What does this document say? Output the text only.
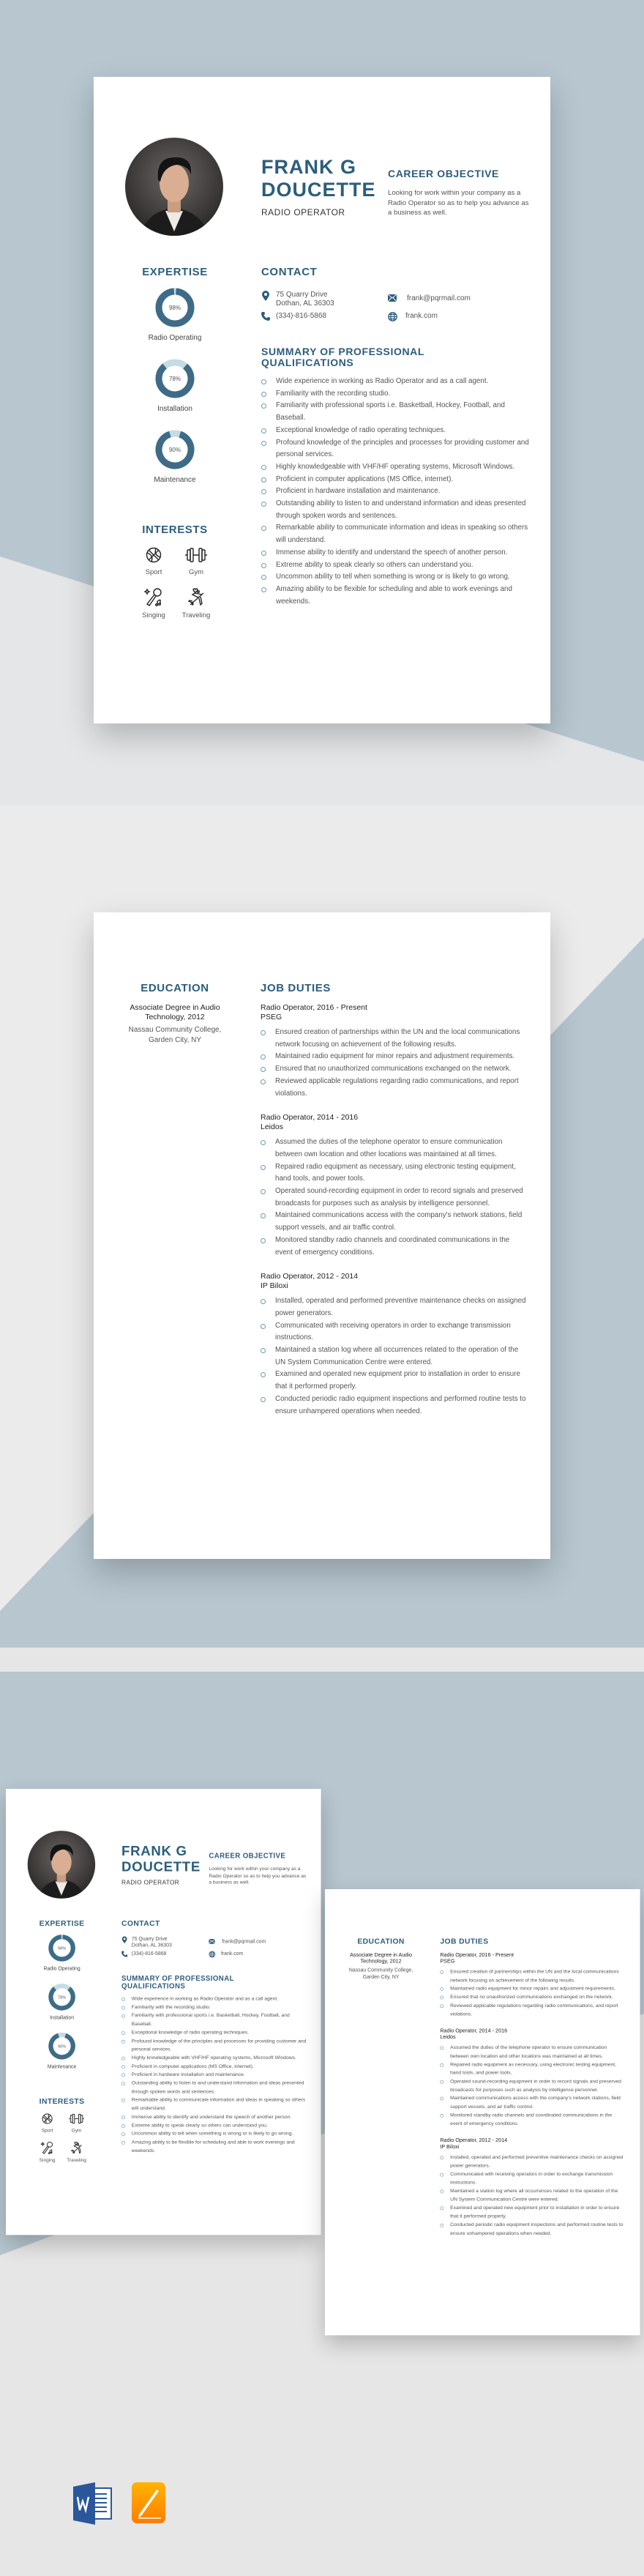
FRANK G
DOUCETTE
RADIO OPERATOR
CAREER OBJECTIVE
Looking for work within your company as a Radio Operator so as to help you advance as a business as well.
EXPERTISE
98%
Radio Operating
78%
Installation
90%
Maintenance
INTERESTS
Sport	Gym
Singing	Traveling
CONTACT
75 Quarry Drive
Dothan, AL 36303
(334)-816-5868
frank@pqrmail.com
frank.com
SUMMARY OF PROFESSIONAL QUALIFICATIONS
Wide experience in working as Radio Operator and as a call agent.
Familiarity with the recording studio.
Familiarity with professional sports i.e. Basketball, Hockey, Football, and Baseball.
Exceptional knowledge of radio operating techniques.
Profound knowledge of the principles and processes for providing customer and personal services.
Highly knowledgeable with VHF/HF operating systems, Microsoft Windows.
Proficient in computer applications (MS Office, internet).
Proficient in hardware installation and maintenance.
Outstanding ability to listen to and understand information and ideas presented through spoken words and sentences.
Remarkable ability to communicate information and ideas in speaking so others will understand.
Immense ability to identify and understand the speech of another person.
Extreme ability to speak clearly so others can understand you.
Uncommon ability to tell when something is wrong or is likely to go wrong.
Amazing ability to be flexible for scheduling and able to work evenings and weekends.
EDUCATION
Associate Degree in Audio Technology, 2012
Nassau Community College, Garden City, NY
JOB DUTIES
Radio Operator, 2016 - Present
PSEG
Ensured creation of partnerships within the UN and the local communications network focusing on achievement of the following results.
Maintained radio equipment for minor repairs and adjustment requirements.
Ensured that no unauthorized communications exchanged on the network.
Reviewed applicable regulations regarding radio communications, and report violations.
Radio Operator, 2014 - 2016
Leidos
Assumed the duties of the telephone operator to ensure communication between own location and other locations was maintained at all times.
Repaired radio equipment as necessary, using electronic testing equipment, hand tools, and power tools.
Operated sound-recording equipment in order to record signals and preserved broadcasts for purposes such as analysis by intelligence personnel.
Maintained communications access with the company's network stations, field support vessels, and air traffic control.
Monitored standby radio channels and coordinated communications in the event of emergency conditions.
Radio Operator, 2012 - 2014
IP Biloxi
Installed, operated and performed preventive maintenance checks on assigned power generators.
Communicated with receiving operators in order to exchange transmission instructions.
Maintained a station log where all occurrences related to the operation of the UN System Communication Centre were entered.
Examined and operated new equipment prior to installation in order to ensure that it performed properly.
Conducted periodic radio equipment inspections and performed routine tests to ensure unhampered operations when needed.
FRANK G
DOUCETTE
RADIO OPERATOR
CAREER OBJECTIVE
Looking for work within your company as a Radio Operator so as to help you advance as a business as well.
EXPERTISE
98%
Radio Operating
78%
Installation
90%
Maintenance
INTERESTS
Sport	Gym
Singing	Traveling
CONTACT
75 Quarry Drive
Dothan, AL 36303
(334)-816-5868
frank@pqrmail.com
frank.com
SUMMARY OF PROFESSIONAL QUALIFICATIONS
Wide experience in working as Radio Operator and as a call agent.
Familiarity with the recording studio.
Familiarity with professional sports i.e. Basketball, Hockey, Football, and Baseball.
Exceptional knowledge of radio operating techniques.
Profound knowledge of the principles and processes for providing customer and personal services.
Highly knowledgeable with VHF/HF operating systems, Microsoft Windows.
Proficient in computer applications (MS Office, internet).
Proficient in hardware installation and maintenance.
Outstanding ability to listen to and understand information and ideas presented through spoken words and sentences.
Remarkable ability to communicate information and ideas in speaking so others will understand.
Immense ability to identify and understand the speech of another person.
Extreme ability to speak clearly so others can understand you.
Uncommon ability to tell when something is wrong or is likely to go wrong.
Amazing ability to be flexible for scheduling and able to work evenings and weekends.
EDUCATION
Associate Degree in Audio Technology, 2012
Nassau Community College, Garden City, NY
JOB DUTIES
Radio Operator, 2016 - Present
PSEG
Ensured creation of partnerships within the UN and the local communications network focusing on achievement of the following results.
Maintained radio equipment for minor repairs and adjustment requirements.
Ensured that no unauthorized communications exchanged on the network.
Reviewed applicable regulations regarding radio communications, and report violations.
Radio Operator, 2014 - 2016
Leidos
Assumed the duties of the telephone operator to ensure communication between own location and other locations was maintained at all times.
Repaired radio equipment as necessary, using electronic testing equipment, hand tools, and power tools.
Operated sound-recording equipment in order to record signals and preserved broadcasts for purposes such as analysis by intelligence personnel.
Maintained communications access with the company's network stations, field support vessels, and air traffic control.
Monitored standby radio channels and coordinated communications in the event of emergency conditions.
Radio Operator, 2012 - 2014
IP Biloxi
Installed, operated and performed preventive maintenance checks on assigned power generators.
Communicated with receiving operators in order to exchange transmission instructions.
Maintained a station log where all occurrences related to the operation of the UN System Communication Centre were entered.
Examined and operated new equipment prior to installation in order to ensure that it performed properly.
Conducted periodic radio equipment inspections and performed routine tests to ensure unhampered operations when needed.
